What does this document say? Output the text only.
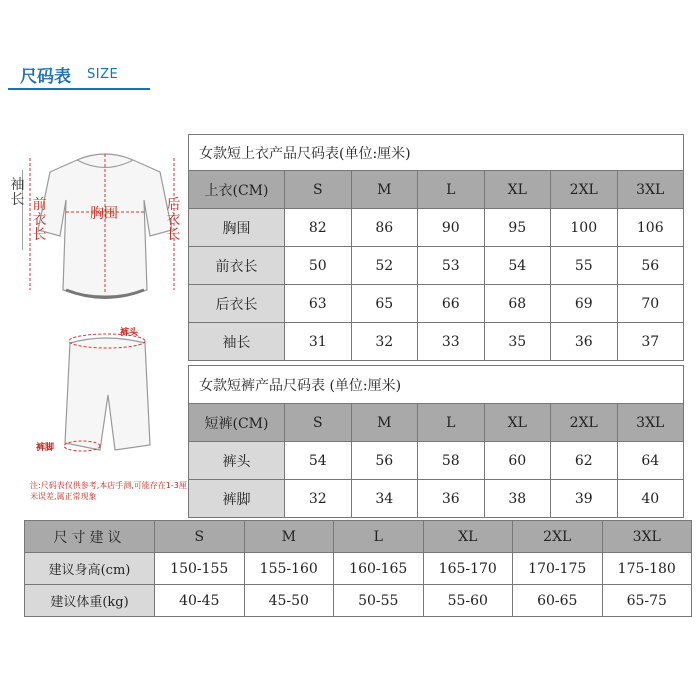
尺码表 SIZE
袖长 前衣长
胸围
后衣长
裤头
裤脚
注:尺码表仅供参考,本店手测,可能存在1-3厘米误差,属正常现象
女款短上衣产品尺码表(单位:厘米)						
上衣(CM)	S	M	L	XL	2XL	3XL
胸围	82	86	90	95	100	106
前衣长	50	52	53	54	55	56
后衣长	63	65	66	68	69	70
袖长	31	32	33	35	36	37
女款短裤产品尺码表 (单位:厘米)						
短裤(CM)	S	M	L	XL	2XL	3XL
裤头	54	56	58	60	62	64
裤脚	32	34	36	38	39	40
尺寸建议	S	M	L	XL	2XL	3XL
建议身高(cm)	150-155	155-160	160-165	165-170	170-175	175-180
建议体重(kg)	40-45	45-50	50-55	55-60	60-65	65-75
